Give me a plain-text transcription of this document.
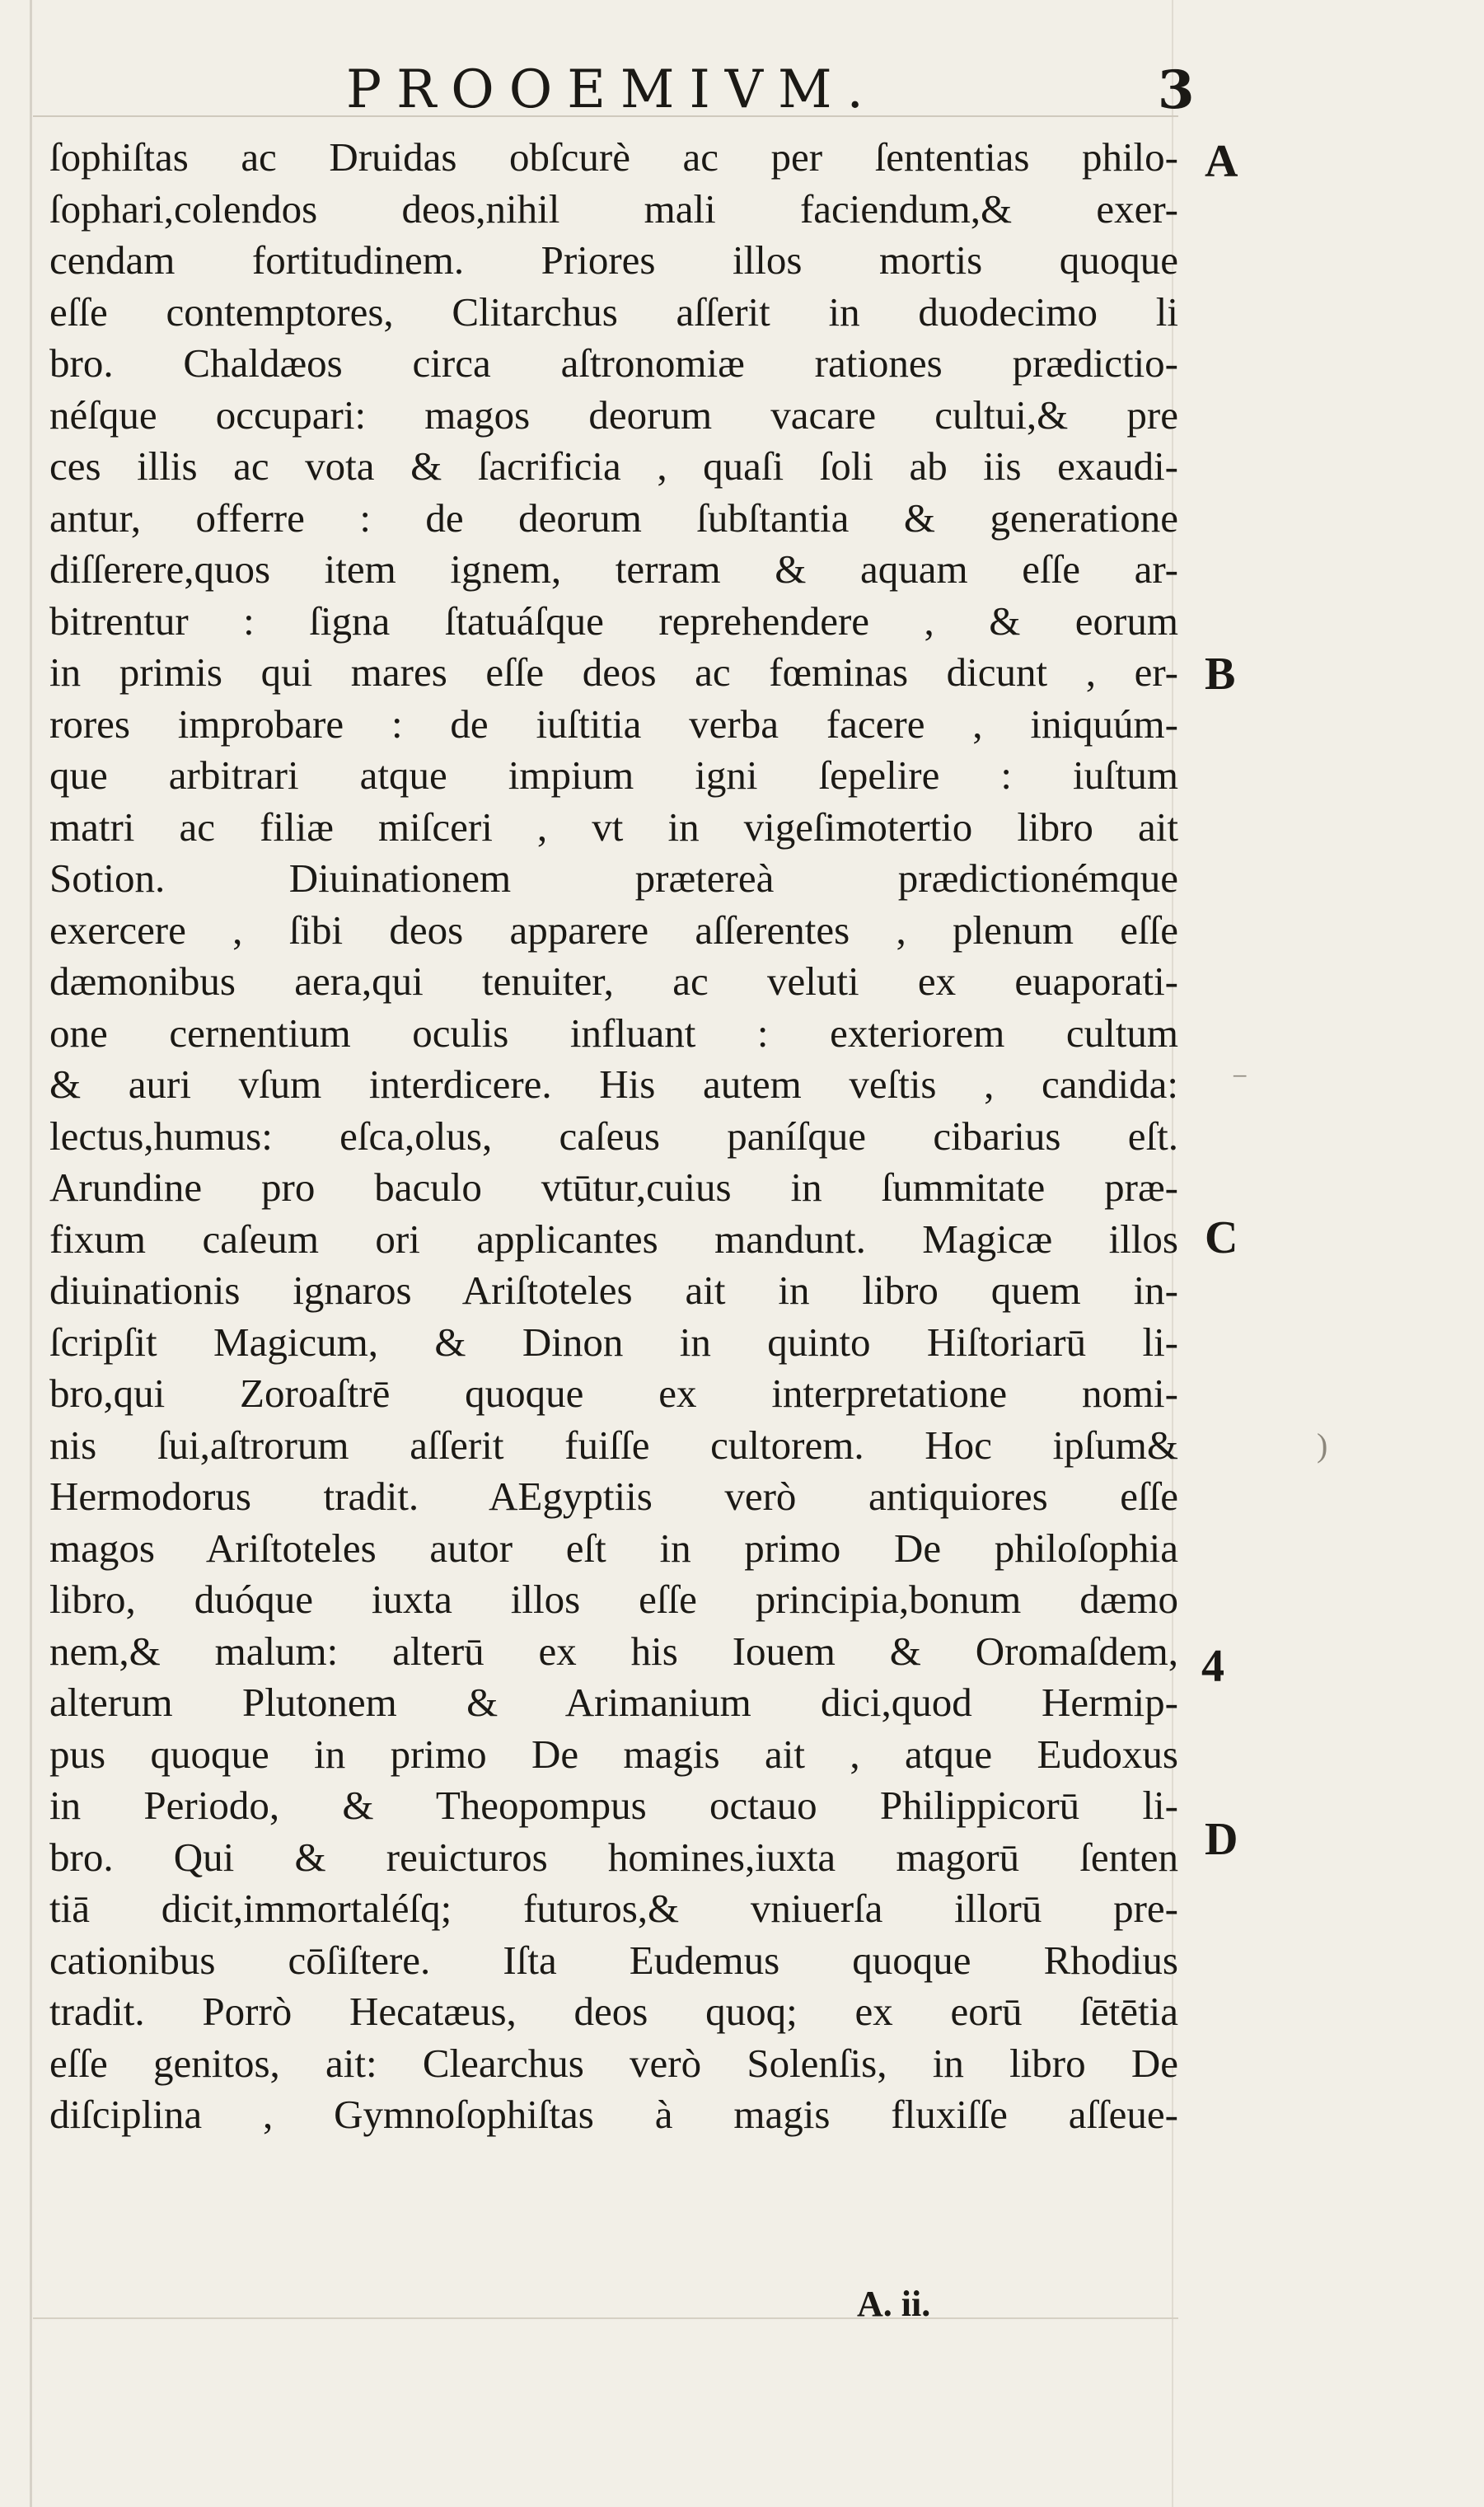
PROOEMIVM.	3
ſophiſtas ac Druidas obſcurè ac per ſententias philo-
ſophari,colendos deos,nihil mali faciendum,& exer-
cendam fortitudinem. Priores illos mortis quoque
eſſe contemptores, Clitarchus aſſerit in duodecimo li
bro. Chaldæos circa aſtronomiæ rationes prædictio-
néſque occupari: magos deorum vacare cultui,& pre
ces illis ac vota & ſacrificia , quaſi ſoli ab iis exaudi-
antur, offerre : de deorum ſubſtantia & generatione
diſſerere,quos item ignem, terram & aquam eſſe ar-
bitrentur : ſigna ſtatuáſque reprehendere , & eorum
in primis qui mares eſſe deos ac fœminas dicunt , er-
rores improbare : de iuſtitia verba facere , iniquúm-
que arbitrari atque impium igni ſepelire : iuſtum
matri ac filiæ miſceri , vt in vigeſimotertio libro ait
Sotion. Diuinationem prætereà prædictionémque
exercere , ſibi deos apparere aſſerentes , plenum eſſe
dæmonibus aera,qui tenuiter, ac veluti ex euaporati-
one cernentium oculis influant : exteriorem cultum
& auri vſum interdicere. His autem veſtis , candida:
lectus,humus: eſca,olus, caſeus paníſque cibarius eſt.
Arundine pro baculo vtūtur,cuius in ſummitate præ-
fixum caſeum ori applicantes mandunt. Magicæ illos
diuinationis ignaros Ariſtoteles ait in libro quem in-
ſcripſit Magicum, & Dinon in quinto Hiſtoriarū li-
bro,qui Zoroaſtrē quoque ex interpretatione nomi-
nis ſui,aſtrorum aſſerit fuiſſe cultorem. Hoc ipſum&
Hermodorus tradit. AEgyptiis verò antiquiores eſſe
magos Ariſtoteles autor eſt in primo De philoſophia
libro, duóque iuxta illos eſſe principia,bonum dæmo
nem,& malum: alterū ex his Iouem & Oromaſdem,
alterum Plutonem & Arimanium dici,quod Hermip-
pus quoque in primo De magis ait , atque Eudoxus
in Periodo, & Theopompus octauo Philippicorū li-
bro. Qui & reuicturos homines,iuxta magorū ſenten
tiā dicit,immortaléſq; futuros,& vniuerſa illorū pre-
cationibus cōſiſtere. Iſta Eudemus quoque Rhodius
tradit. Porrò Hecatæus, deos quoq; ex eorū ſētētia
eſſe genitos, ait: Clearchus verò Solenſis, in libro De
diſciplina , Gymnoſophiſtas à magis fluxiſſe aſſeue-
A
B
C
4
D
‾
)
A. ii.
